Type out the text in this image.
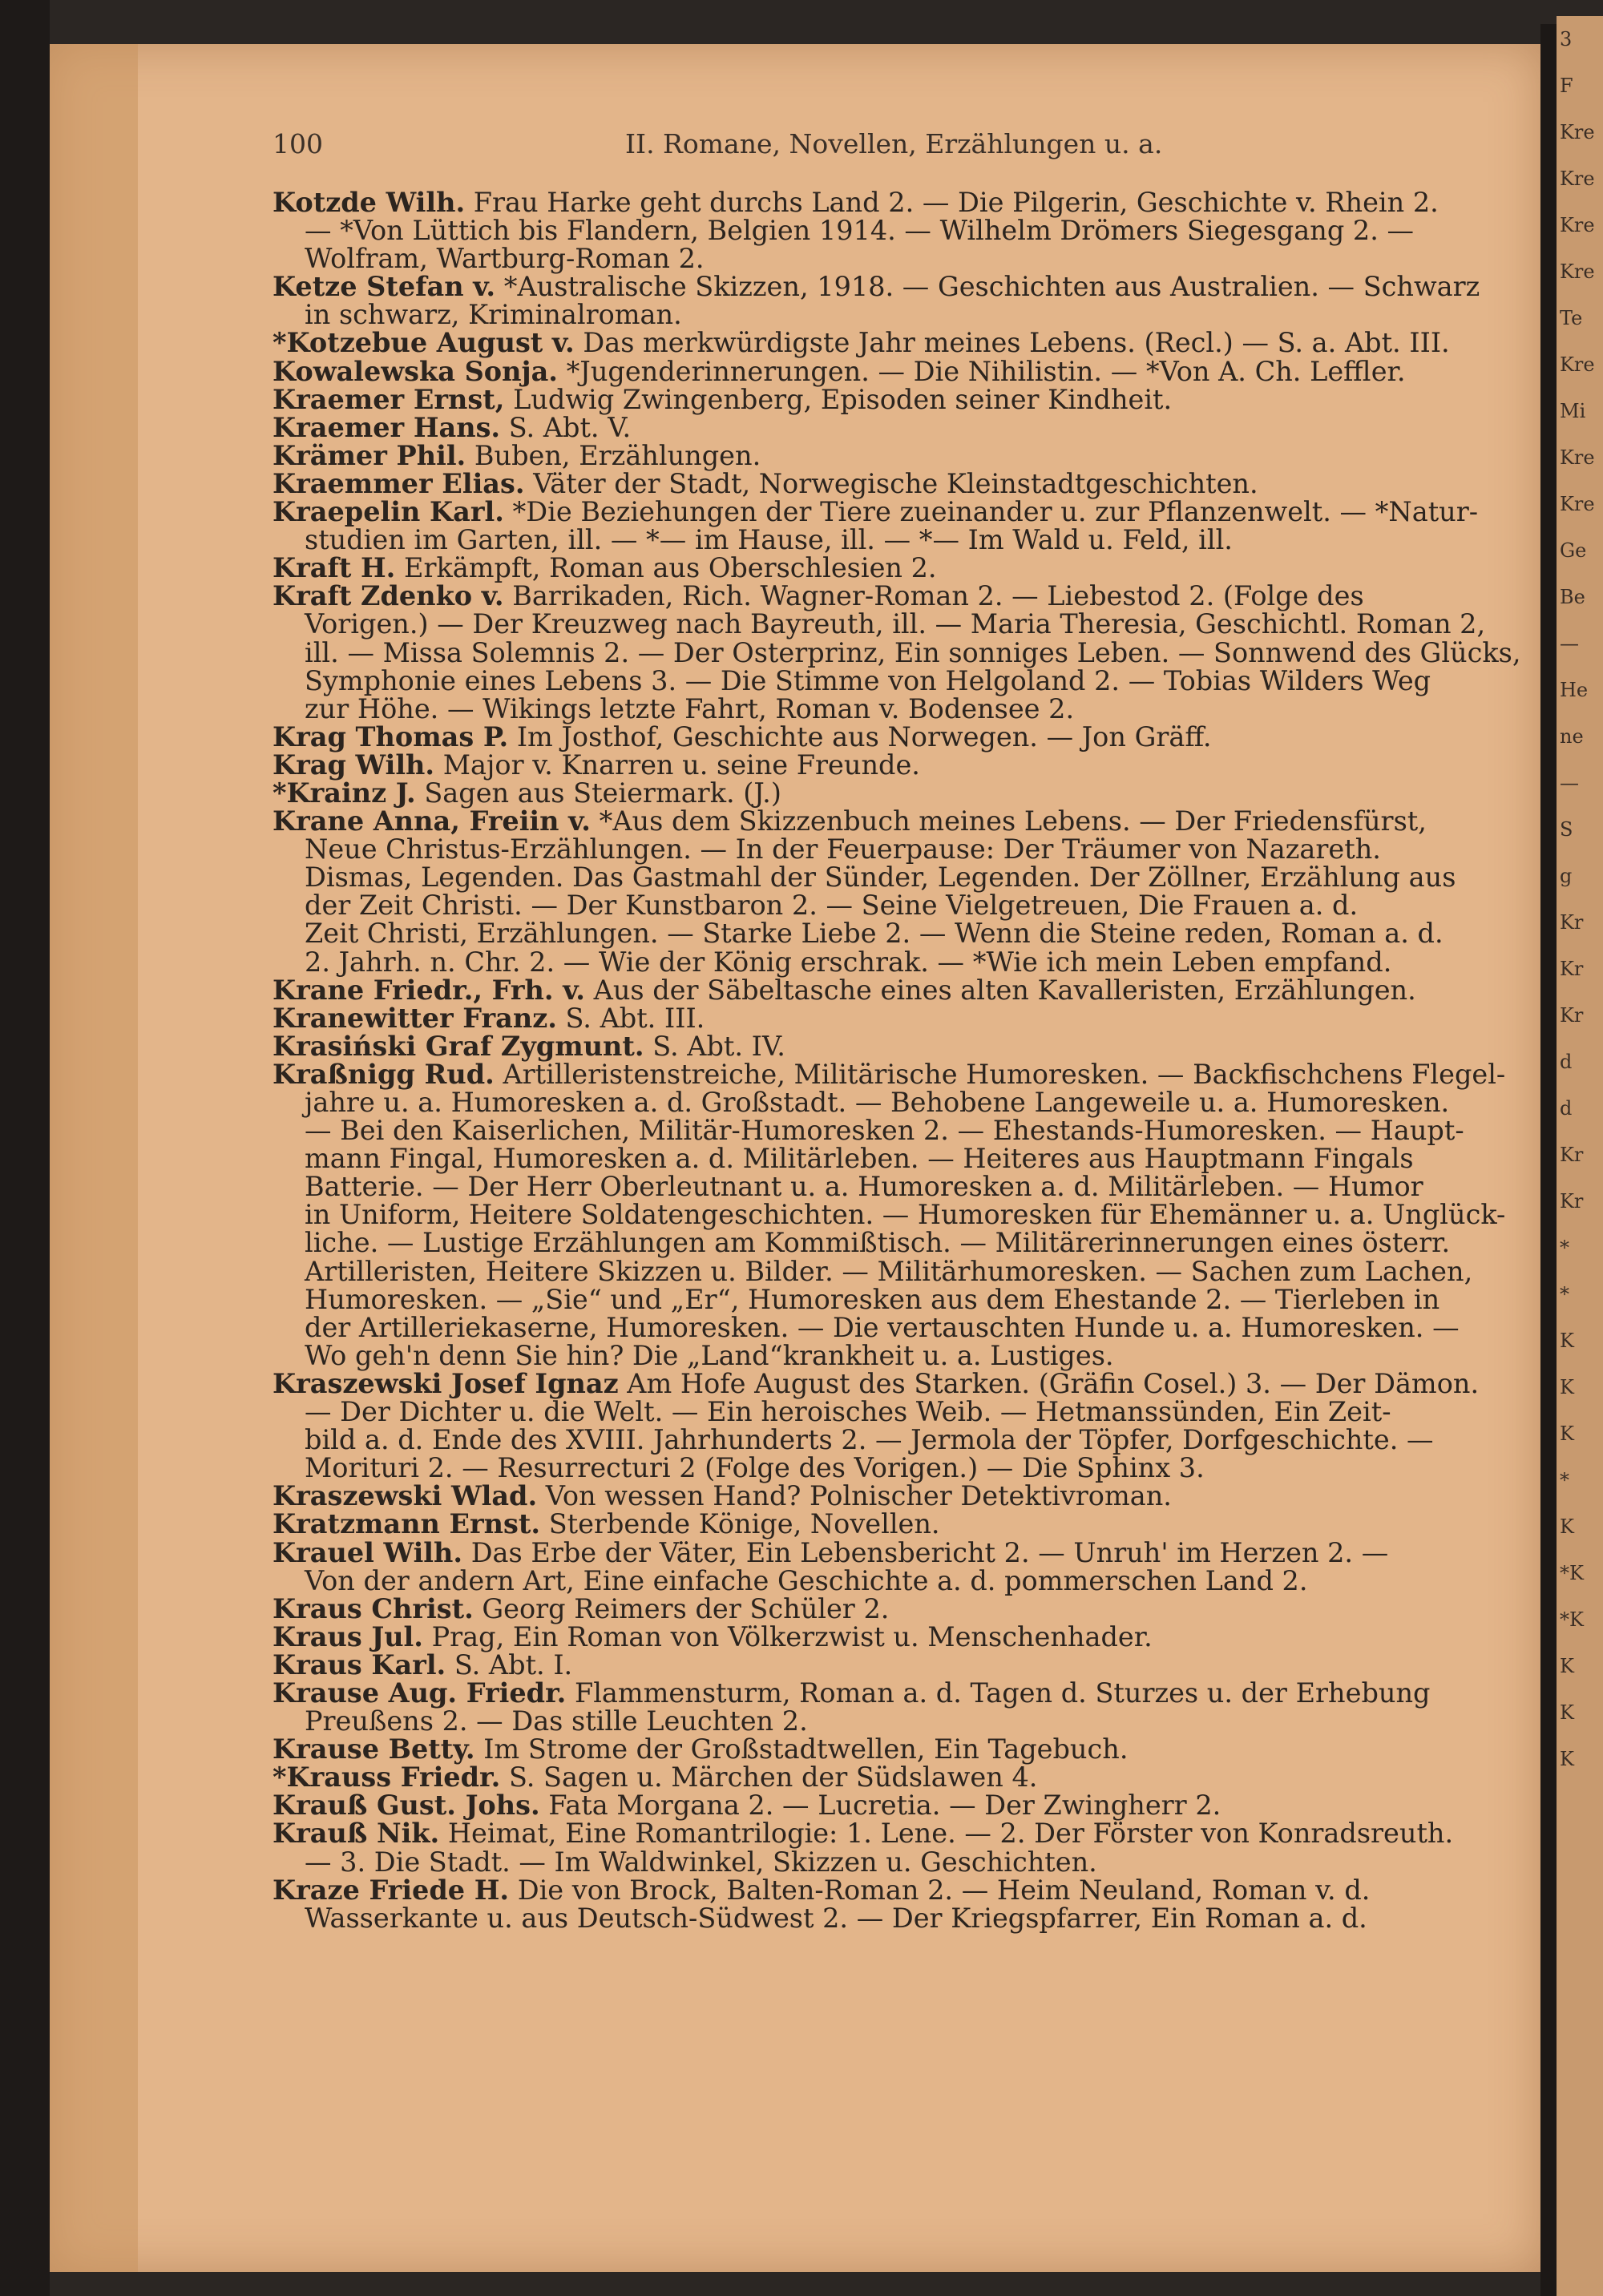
3
F
Kre
Kre
Kre
Kre
Te
Kre
Mi
Kre
Kre
Ge
Be
—
He
ne
—
S
g
Kr
Kr
Kr
d
d
Kr
Kr
*
*
K
K
K
*
K
*K
*K
K
K
K
100	II. Romane, Novellen, Erzählungen u. a.
Kotzde Wilh. Frau Harke geht durchs Land 2. — Die Pilgerin, Geschichte v. Rhein 2.
— *Von Lüttich bis Flandern, Belgien 1914. — Wilhelm Drömers Siegesgang 2. —
Wolfram, Wartburg-Roman 2.
Ketze Stefan v. *Australische Skizzen, 1918. — Geschichten aus Australien. — Schwarz
in schwarz, Kriminalroman.
*Kotzebue August v. Das merkwürdigste Jahr meines Lebens. (Recl.) — S. a. Abt. III.
Kowalewska Sonja. *Jugenderinnerungen. — Die Nihilistin. — *Von A. Ch. Leffler.
Kraemer Ernst, Ludwig Zwingenberg, Episoden seiner Kindheit.
Kraemer Hans. S. Abt. V.
Krämer Phil. Buben, Erzählungen.
Kraemmer Elias. Väter der Stadt, Norwegische Kleinstadtgeschichten.
Kraepelin Karl. *Die Beziehungen der Tiere zueinander u. zur Pflanzenwelt. — *Natur-
studien im Garten, ill. — *— im Hause, ill. — *— Im Wald u. Feld, ill.
Kraft H. Erkämpft, Roman aus Oberschlesien 2.
Kraft Zdenko v. Barrikaden, Rich. Wagner-Roman 2. — Liebestod 2. (Folge des
Vorigen.) — Der Kreuzweg nach Bayreuth, ill. — Maria Theresia, Geschichtl. Roman 2,
ill. — Missa Solemnis 2. — Der Osterprinz, Ein sonniges Leben. — Sonnwend des Glücks,
Symphonie eines Lebens 3. — Die Stimme von Helgoland 2. — Tobias Wilders Weg
zur Höhe. — Wikings letzte Fahrt, Roman v. Bodensee 2.
Krag Thomas P. Im Josthof, Geschichte aus Norwegen. — Jon Gräff.
Krag Wilh. Major v. Knarren u. seine Freunde.
*Krainz J. Sagen aus Steiermark. (J.)
Krane Anna, Freiin v. *Aus dem Skizzenbuch meines Lebens. — Der Friedensfürst,
Neue Christus-Erzählungen. — In der Feuerpause: Der Träumer von Nazareth.
Dismas, Legenden. Das Gastmahl der Sünder, Legenden. Der Zöllner, Erzählung aus
der Zeit Christi. — Der Kunstbaron 2. — Seine Vielgetreuen, Die Frauen a. d.
Zeit Christi, Erzählungen. — Starke Liebe 2. — Wenn die Steine reden, Roman a. d.
2. Jahrh. n. Chr. 2. — Wie der König erschrak. — *Wie ich mein Leben empfand.
Krane Friedr., Frh. v. Aus der Säbeltasche eines alten Kavalleristen, Erzählungen.
Kranewitter Franz. S. Abt. III.
Krasiński Graf Zygmunt. S. Abt. IV.
Kraßnigg Rud. Artilleristenstreiche, Militärische Humoresken. — Backfischchens Flegel-
jahre u. a. Humoresken a. d. Großstadt. — Behobene Langeweile u. a. Humoresken.
— Bei den Kaiserlichen, Militär-Humoresken 2. — Ehestands-Humoresken. — Haupt-
mann Fingal, Humoresken a. d. Militärleben. — Heiteres aus Hauptmann Fingals
Batterie. — Der Herr Oberleutnant u. a. Humoresken a. d. Militärleben. — Humor
in Uniform, Heitere Soldatengeschichten. — Humoresken für Ehemänner u. a. Unglück-
liche. — Lustige Erzählungen am Kommißtisch. — Militärerinnerungen eines österr.
Artilleristen, Heitere Skizzen u. Bilder. — Militärhumoresken. — Sachen zum Lachen,
Humoresken. — „Sie“ und „Er“, Humoresken aus dem Ehestande 2. — Tierleben in
der Artilleriekaserne, Humoresken. — Die vertauschten Hunde u. a. Humoresken. —
Wo geh'n denn Sie hin? Die „Land“krankheit u. a. Lustiges.
Kraszewski Josef Ignaz Am Hofe August des Starken. (Gräfin Cosel.) 3. — Der Dämon.
— Der Dichter u. die Welt. — Ein heroisches Weib. — Hetmanssünden, Ein Zeit-
bild a. d. Ende des XVIII. Jahrhunderts 2. — Jermola der Töpfer, Dorfgeschichte. —
Morituri 2. — Resurrecturi 2 (Folge des Vorigen.) — Die Sphinx 3.
Kraszewski Wlad. Von wessen Hand? Polnischer Detektivroman.
Kratzmann Ernst. Sterbende Könige, Novellen.
Krauel Wilh. Das Erbe der Väter, Ein Lebensbericht 2. — Unruh' im Herzen 2. —
Von der andern Art, Eine einfache Geschichte a. d. pommerschen Land 2.
Kraus Christ. Georg Reimers der Schüler 2.
Kraus Jul. Prag, Ein Roman von Völkerzwist u. Menschenhader.
Kraus Karl. S. Abt. I.
Krause Aug. Friedr. Flammensturm, Roman a. d. Tagen d. Sturzes u. der Erhebung
Preußens 2. — Das stille Leuchten 2.
Krause Betty. Im Strome der Großstadtwellen, Ein Tagebuch.
*Krauss Friedr. S. Sagen u. Märchen der Südslawen 4.
Krauß Gust. Johs. Fata Morgana 2. — Lucretia. — Der Zwingherr 2.
Krauß Nik. Heimat, Eine Romantrilogie: 1. Lene. — 2. Der Förster von Konradsreuth.
— 3. Die Stadt. — Im Waldwinkel, Skizzen u. Geschichten.
Kraze Friede H. Die von Brock, Balten-Roman 2. — Heim Neuland, Roman v. d.
Wasserkante u. aus Deutsch-Südwest 2. — Der Kriegspfarrer, Ein Roman a. d.
